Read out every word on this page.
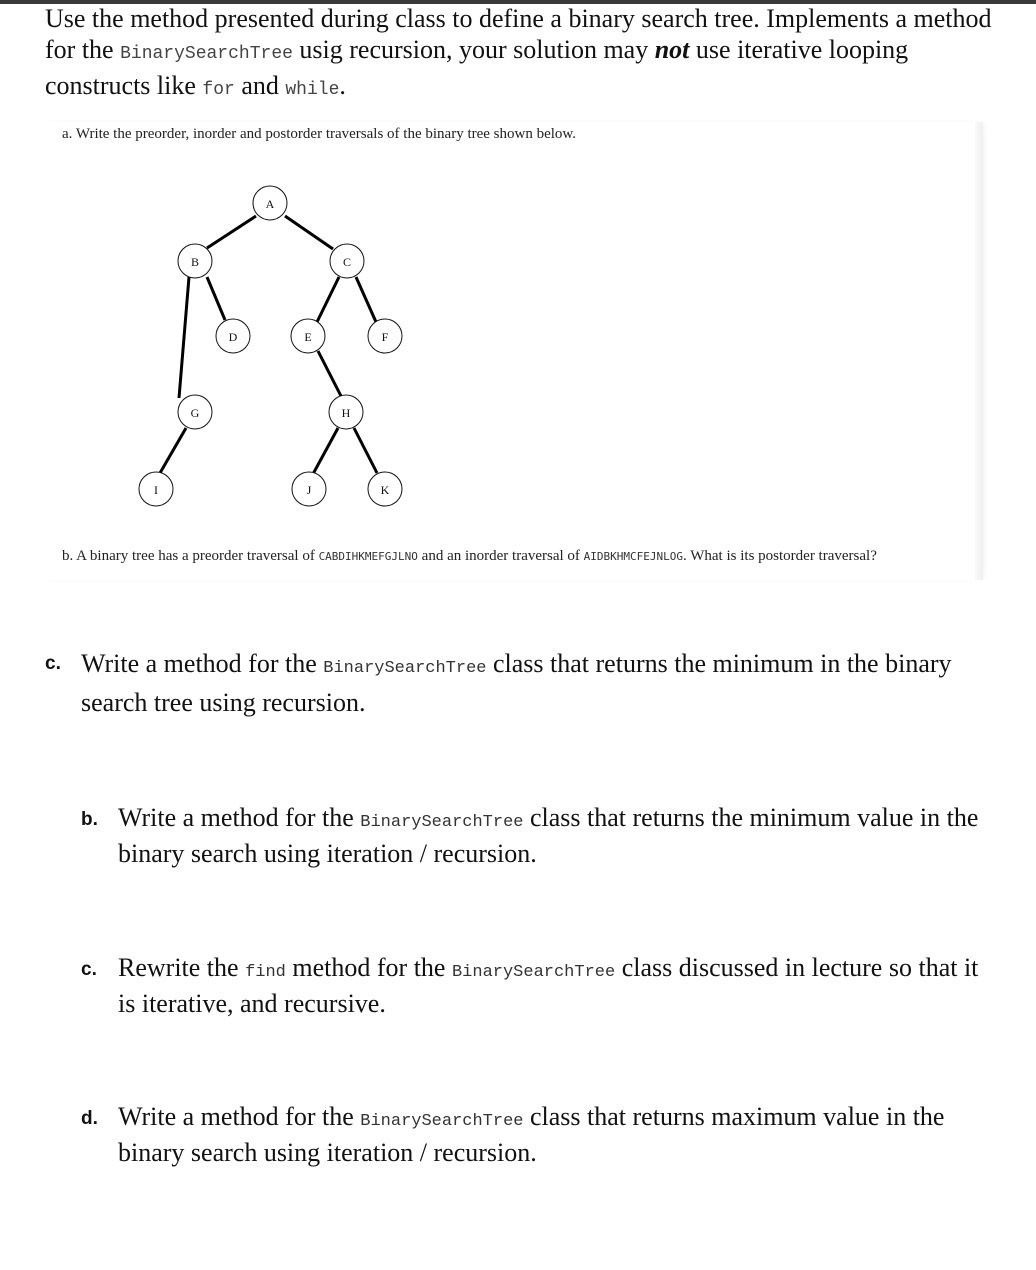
Use the method presented during class to define a binary search tree. Implements a method for the BinarySearchTree usig recursion, your solution may not use iterative looping constructs like for and while.

a. Write the preorder, inorder and postorder traversals of the binary tree shown below.

A
B	C
D	E	F
G	H
I	J	K

b. A binary tree has a preorder traversal of CABDIHKMEFGJLNO and an inorder traversal of AIDBKHMCFEJNLOG. What is its postorder traversal?

c. Write a method for the BinarySearchTree class that returns the minimum in the binary search tree using recursion.

b. Write a method for the BinarySearchTree class that returns the minimum value in the binary search using iteration / recursion.

c. Rewrite the find method for the BinarySearchTree class discussed in lecture so that it is iterative, and recursive.

d. Write a method for the BinarySearchTree class that returns maximum value in the binary search using iteration / recursion.
